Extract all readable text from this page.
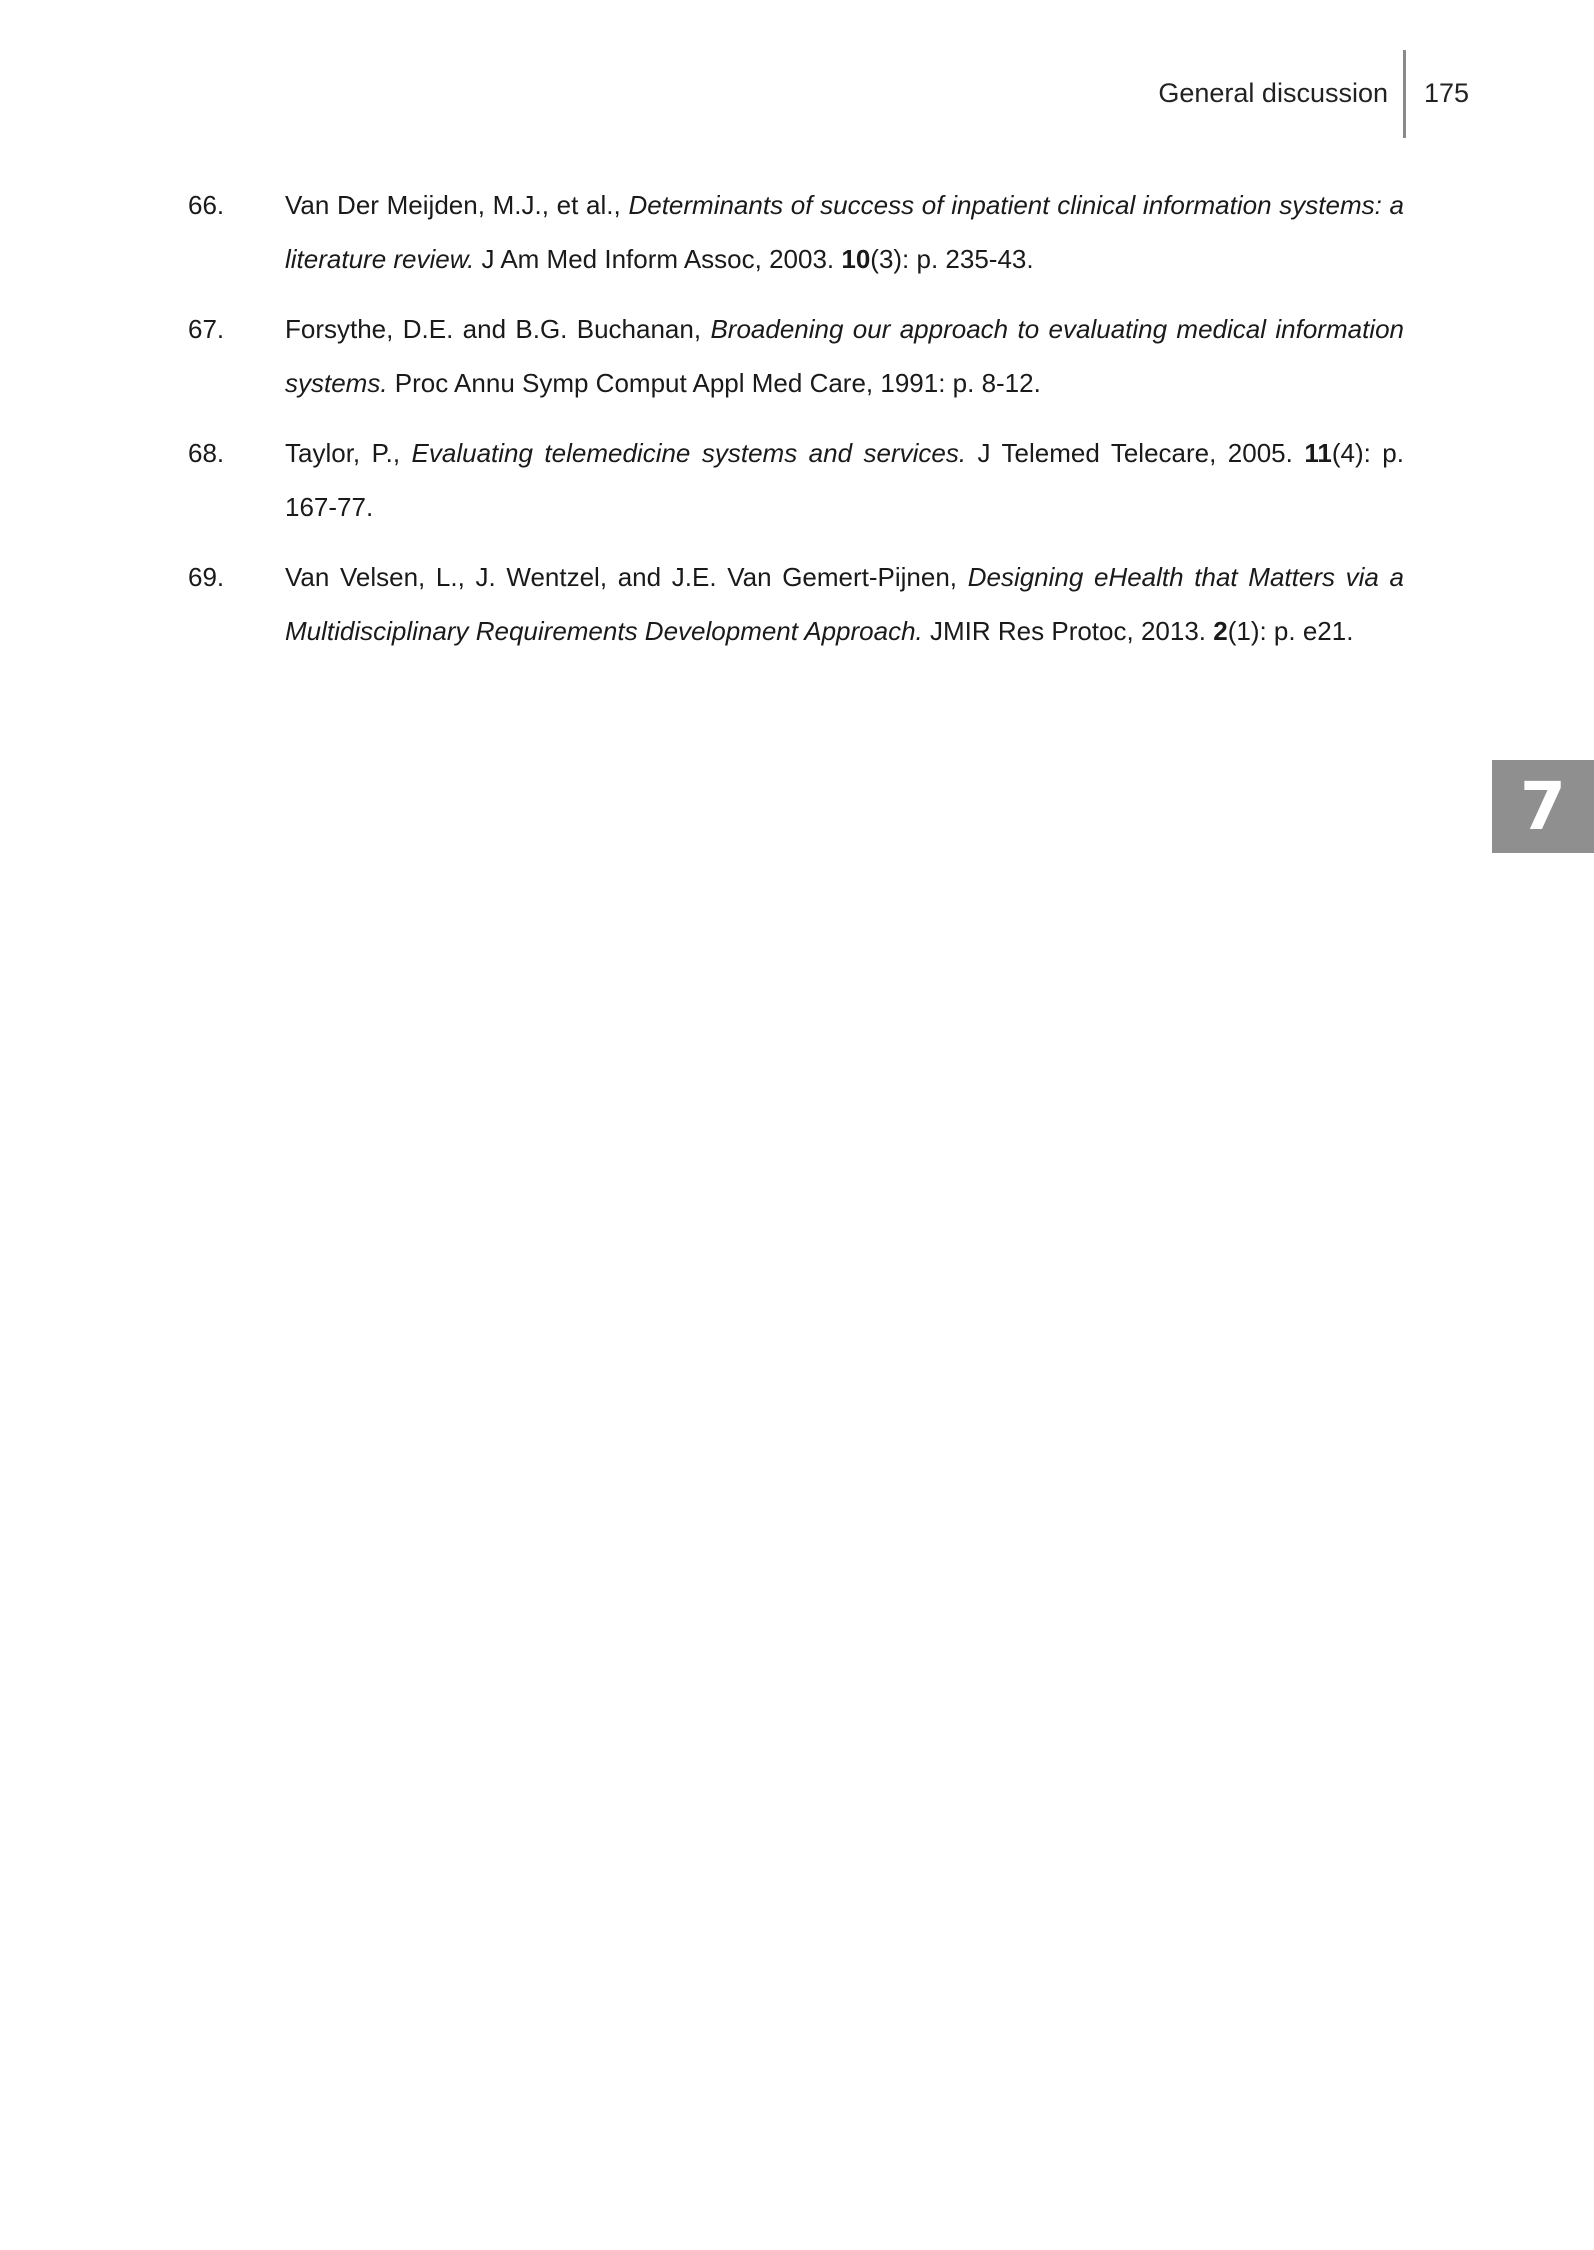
General discussion 175
66. Van Der Meijden, M.J., et al., Determinants of success of inpatient clinical information systems: a literature review. J Am Med Inform Assoc, 2003. 10(3): p. 235-43.
67. Forsythe, D.E. and B.G. Buchanan, Broadening our approach to evaluating medical information systems. Proc Annu Symp Comput Appl Med Care, 1991: p. 8-12.
68. Taylor, P., Evaluating telemedicine systems and services. J Telemed Telecare, 2005. 11(4): p. 167-77.
69. Van Velsen, L., J. Wentzel, and J.E. Van Gemert-Pijnen, Designing eHealth that Matters via a Multidisciplinary Requirements Development Approach. JMIR Res Protoc, 2013. 2(1): p. e21.
7
